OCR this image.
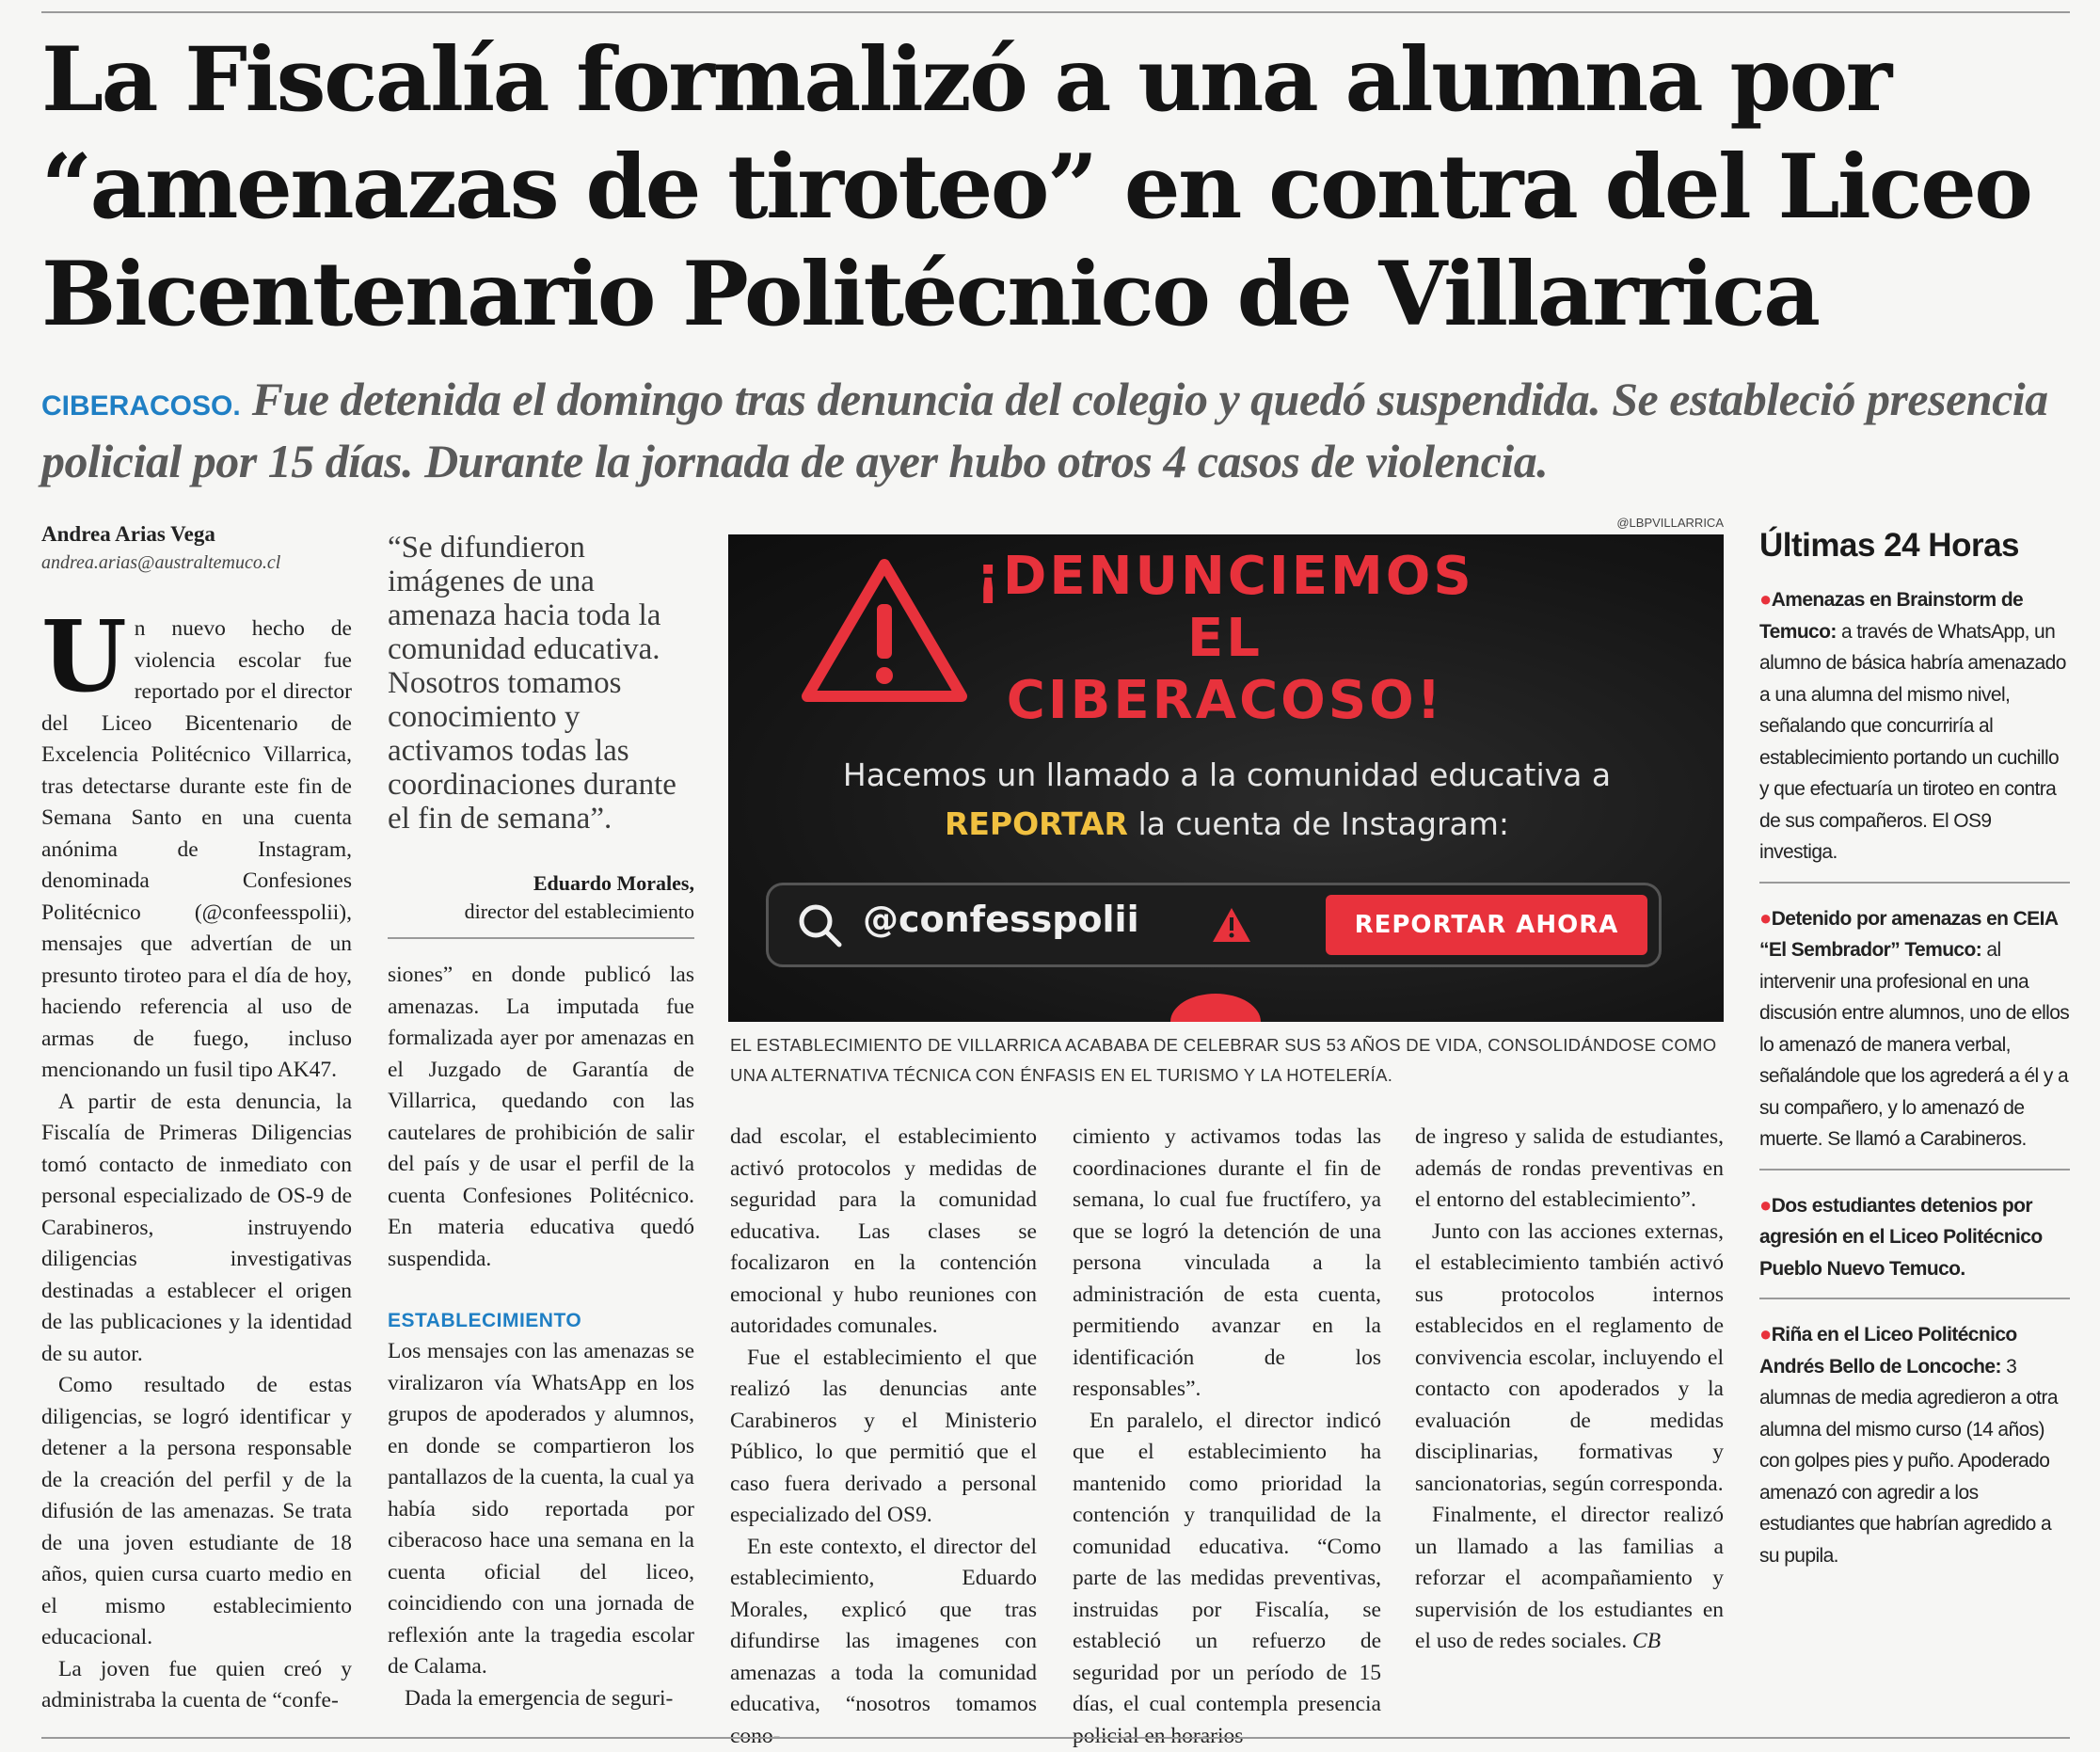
La Fiscalía formalizó a una alumna por
“amenazas de tiroteo” en contra del Liceo
Bicentenario Politécnico de Villarrica
CIBERACOSO. Fue detenida el domingo tras denuncia del colegio y quedó suspendida. Se estableció presencia policial por 15 días. Durante la jornada de ayer hubo otros 4 casos de violencia.
Andrea Arias Vega
andrea.arias@australtemuco.cl

Un nuevo hecho de violencia escolar fue reportado por el director del Liceo Bicentenario de Excelencia Politécnico Villarrica, tras detectarse durante este fin de Semana Santo en una cuenta anónima de Instagram, denominada Confesiones Politécnico (@confeesspolii), mensajes que advertían de un presunto tiroteo para el día de hoy, haciendo referencia al uso de armas de fuego, incluso mencionando un fusil tipo AK47.

A partir de esta denuncia, la Fiscalía de Primeras Diligencias tomó contacto de inmediato con personal especializado de OS-9 de Carabineros, instruyendo diligencias investigativas destinadas a establecer el origen de las publicaciones y la identidad de su autor.

Como resultado de estas diligencias, se logró identificar y detener a la persona responsable de la creación del perfil y de la difusión de las amenazas. Se trata de una joven estudiante de 18 años, quien cursa cuarto medio en el mismo establecimiento educacional.

La joven fue quien creó y administraba la cuenta de “confe-

“Se difundieron imágenes de una amenaza hacia toda la comunidad educativa. Nosotros tomamos conocimiento y activamos todas las coordinaciones durante el fin de semana”.
Eduardo Morales,
director del establecimiento

siones” en donde publicó las amenazas. La imputada fue formalizada ayer por amenazas en el Juzgado de Garantía de Villarrica, quedando con las cautelares de prohibición de salir del país y de usar el perfil de la cuenta Confesiones Politécnico. En materia educativa quedó suspendida.

ESTABLECIMIENTO

Los mensajes con las amenazas se viralizaron vía WhatsApp en los grupos de apoderados y alumnos, en donde se compartieron los pantallazos de la cuenta, la cual ya había sido reportada por ciberacoso hace una semana en la cuenta oficial del liceo, coincidiendo con una jornada de reflexión ante la tragedia escolar de Calama.

Dada la emergencia de seguri-

@LBPVILLARRICA
¡DENUNCIEMOS EL
CIBERACOSO!
Hacemos un llamado a la comunidad educativa a
REPORTAR la cuenta de Instagram:
@confesspolii	REPORTAR AHORA
EL ESTABLECIMIENTO DE VILLARRICA ACABABA DE CELEBRAR SUS 53 AÑOS DE VIDA, CONSOLIDÁNDOSE COMO UNA ALTERNATIVA TÉCNICA CON ÉNFASIS EN EL TURISMO Y LA HOTELERÍA.

dad escolar, el establecimiento activó protocolos y medidas de seguridad para la comunidad educativa. Las clases se focalizaron en la contención emocional y hubo reuniones con autoridades comunales.

Fue el establecimiento el que realizó las denuncias ante Carabineros y el Ministerio Público, lo que permitió que el caso fuera derivado a personal especializado del OS9.

En este contexto, el director del establecimiento, Eduardo Morales, explicó que tras difundirse las imagenes con amenazas a toda la comunidad educativa, “nosotros tomamos cono-

cimiento y activamos todas las coordinaciones durante el fin de semana, lo cual fue fructífero, ya que se logró la detención de una persona vinculada a la administración de esta cuenta, permitiendo avanzar en la identificación de los responsables”.

En paralelo, el director indicó que el establecimiento ha mantenido como prioridad la contención y tranquilidad de la comunidad educativa. “Como parte de las medidas preventivas, instruidas por Fiscalía, se estableció un refuerzo de seguridad por un período de 15 días, el cual contempla presencia policial en horarios

de ingreso y salida de estudiantes, además de rondas preventivas en el entorno del establecimiento”.

Junto con las acciones externas, el establecimiento también activó sus protocolos internos establecidos en el reglamento de convivencia escolar, incluyendo el contacto con apoderados y la evaluación de medidas disciplinarias, formativas y sancionatorias, según corresponda.

Finalmente, el director realizó un llamado a las familias a reforzar el acompañamiento y supervisión de los estudiantes en el uso de redes sociales. CB

Últimas 24 Horas
●Amenazas en Brainstorm de Temuco: a través de WhatsApp, un alumno de básica habría amenazado a una alumna del mismo nivel, señalando que concurriría al establecimiento portando un cuchillo y que efectuaría un tiroteo en contra de sus compañeros. El OS9 investiga.
●Detenido por amenazas en CEIA “El Sembrador” Temuco: al intervenir una profesional en una discusión entre alumnos, uno de ellos lo amenazó de manera verbal, señalándole que los agrederá a él y a su compañero, y lo amenazó de muerte. Se llamó a Carabineros.
●Dos estudiantes detenios por agresión en el Liceo Politécnico Pueblo Nuevo Temuco.
●Riña en el Liceo Politécnico Andrés Bello de Loncoche: 3 alumnas de media agredieron a otra alumna del mismo curso (14 años) con golpes pies y puño. Apoderado amenazó con agredir a los estudiantes que habrían agredido a su pupila.
